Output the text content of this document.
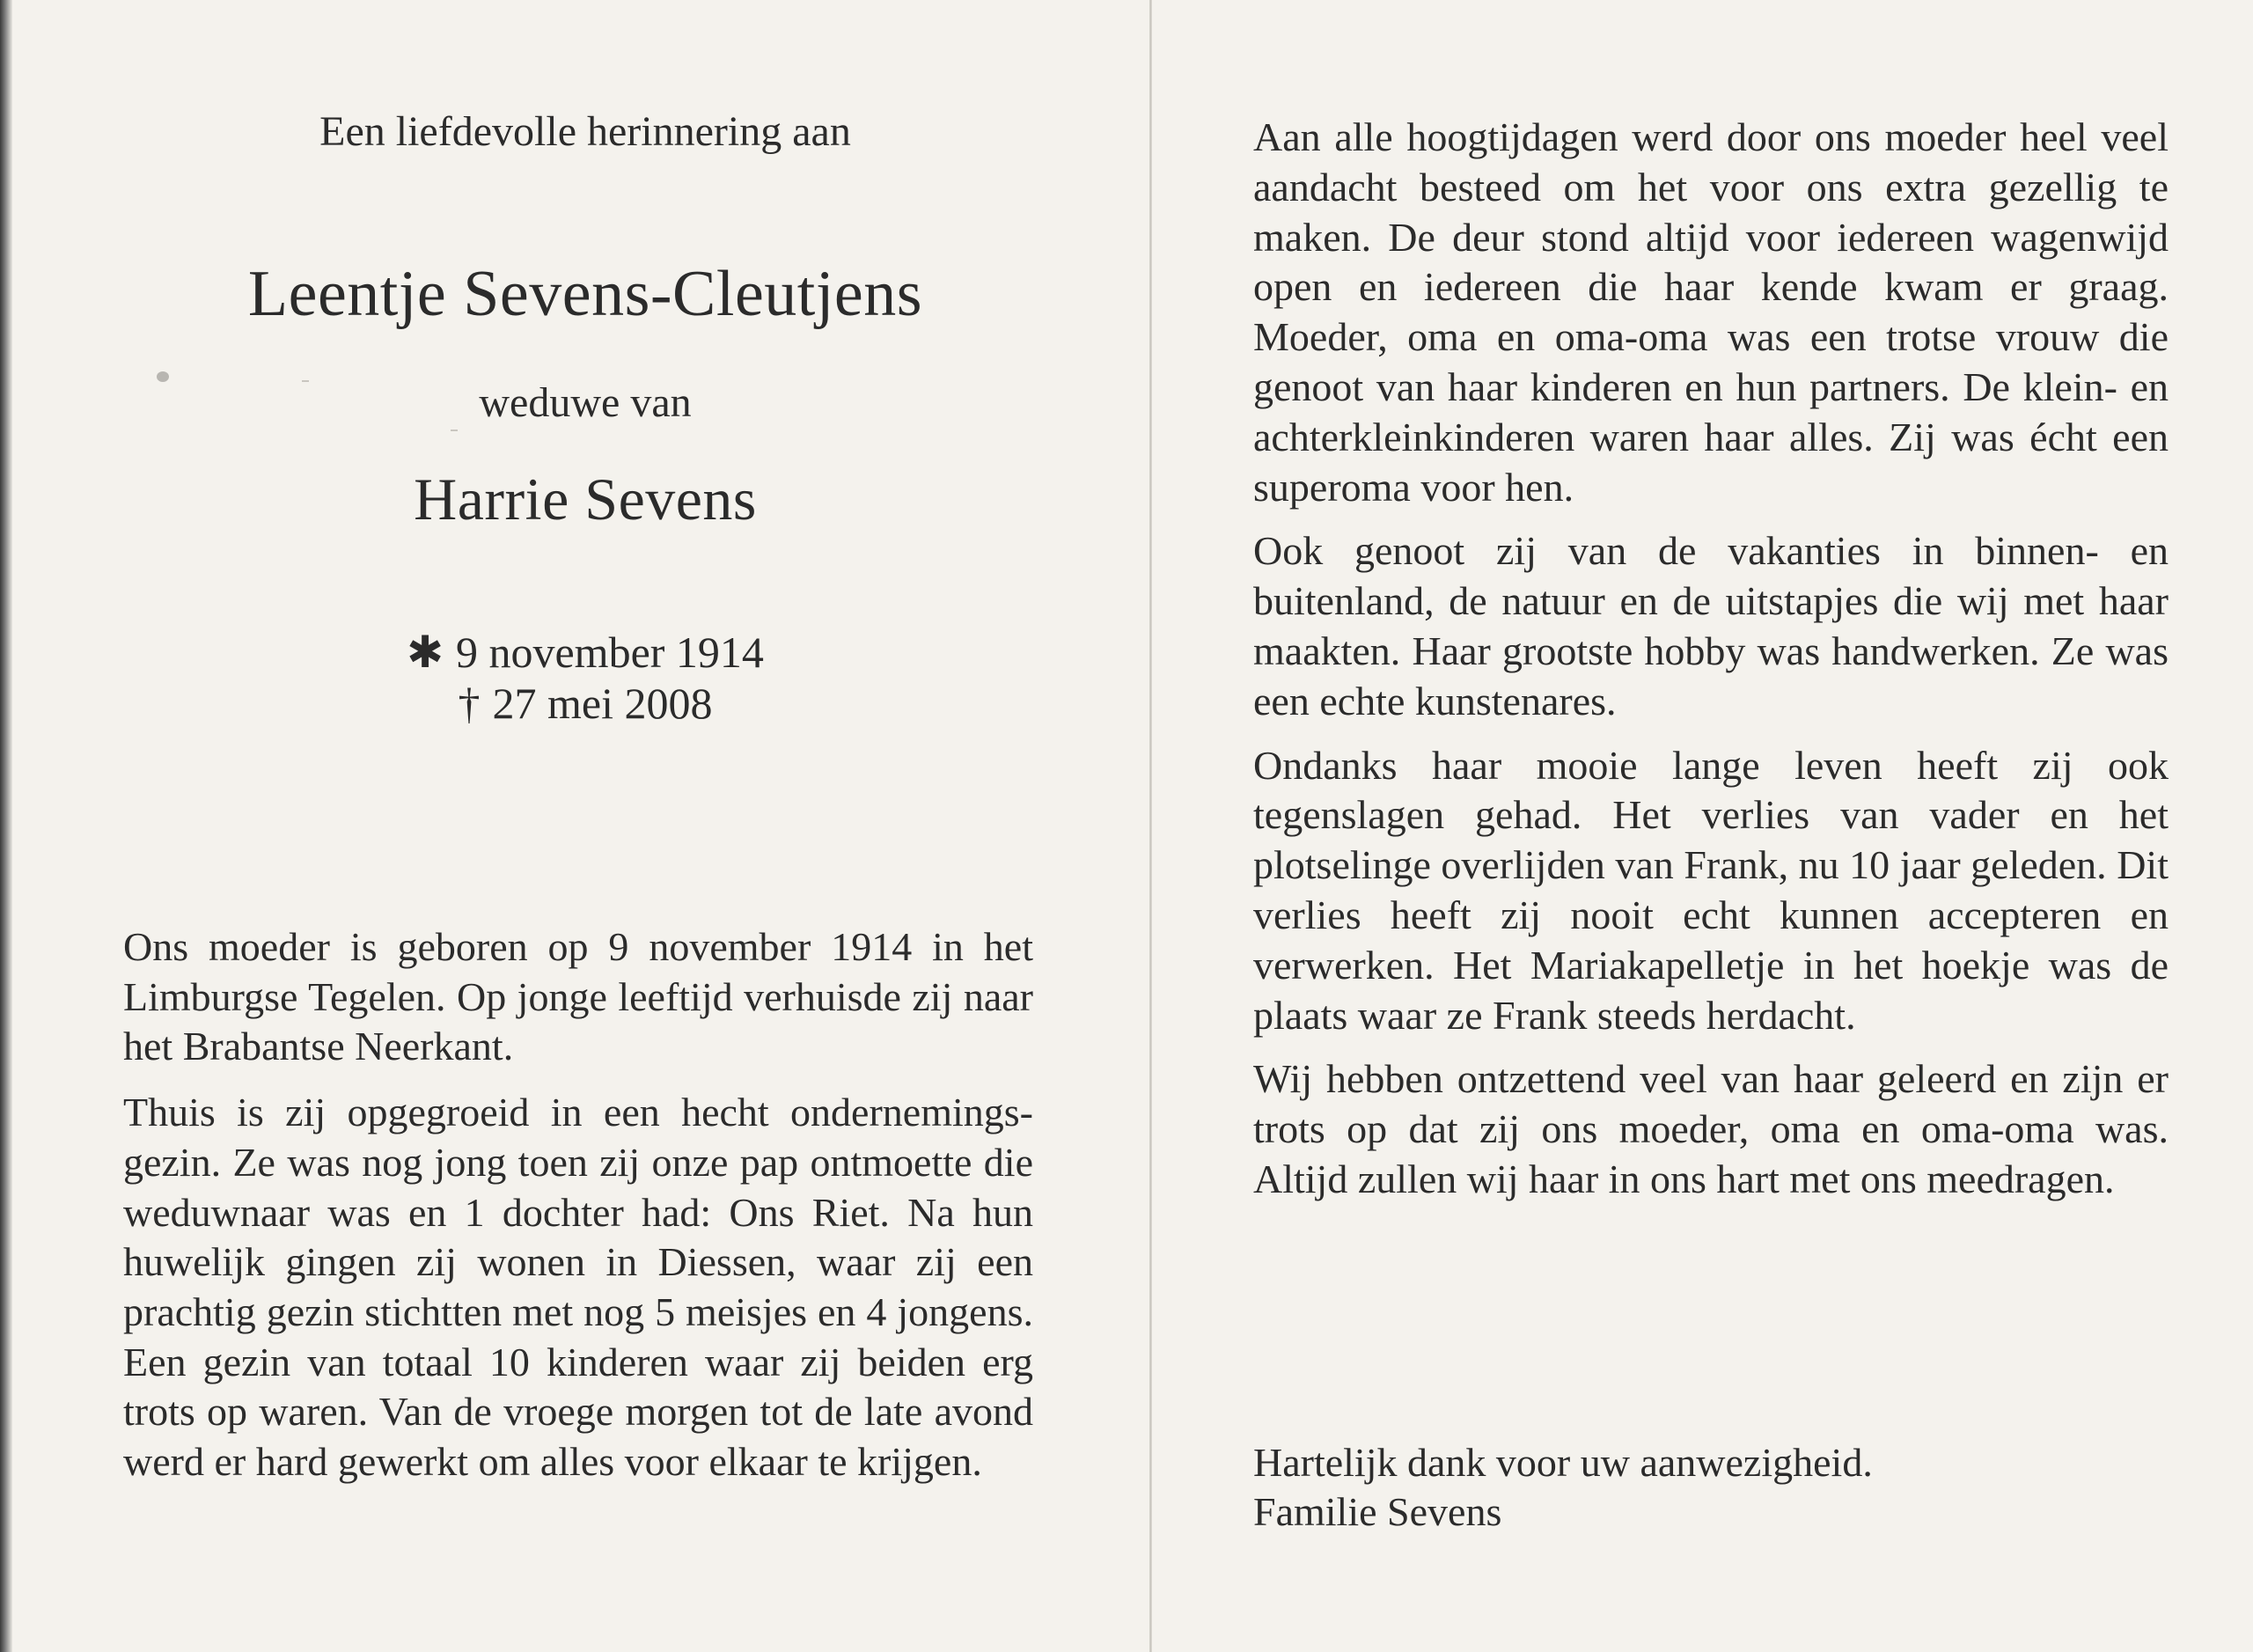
Een liefdevolle herinnering aan
Leentje Sevens-Cleutjens
weduwe van
Harrie Sevens
✱ 9 november 1914
† 27 mei 2008

Ons moeder is geboren op 9 november 1914 in het Limburgse Tegelen. Op jonge leeftijd verhuisde zij naar het Brabantse Neerkant.

Thuis is zij opgegroeid in een hecht ondernemings-gezin. Ze was nog jong toen zij onze pap ontmoette die weduwnaar was en 1 dochter had: Ons Riet. Na hun huwelijk gingen zij wonen in Diessen, waar zij een prachtig gezin stichtten met nog 5 meisjes en 4 jongens. Een gezin van totaal 10 kinderen waar zij beiden erg trots op waren. Van de vroege morgen tot de late avond werd er hard gewerkt om alles voor elkaar te krijgen.

Aan alle hoogtijdagen werd door ons moeder heel veel aandacht besteed om het voor ons extra gezellig te maken. De deur stond altijd voor iedereen wagenwijd open en iedereen die haar kende kwam er graag. Moeder, oma en oma-oma was een trotse vrouw die genoot van haar kinderen en hun partners. De klein- en achterkleinkinderen waren haar alles. Zij was écht een superoma voor hen.

Ook genoot zij van de vakanties in binnen- en buitenland, de natuur en de uitstapjes die wij met haar maakten. Haar grootste hobby was handwerken. Ze was een echte kunstenares.

Ondanks haar mooie lange leven heeft zij ook tegenslagen gehad. Het verlies van vader en het plotselinge overlijden van Frank, nu 10 jaar geleden. Dit verlies heeft zij nooit echt kunnen accepteren en verwerken. Het Mariakapelletje in het hoekje was de plaats waar ze Frank steeds herdacht.

Wij hebben ontzettend veel van haar geleerd en zijn er trots op dat zij ons moeder, oma en oma-oma was. Altijd zullen wij haar in ons hart met ons meedragen.

Hartelijk dank voor uw aanwezigheid.
Familie Sevens
